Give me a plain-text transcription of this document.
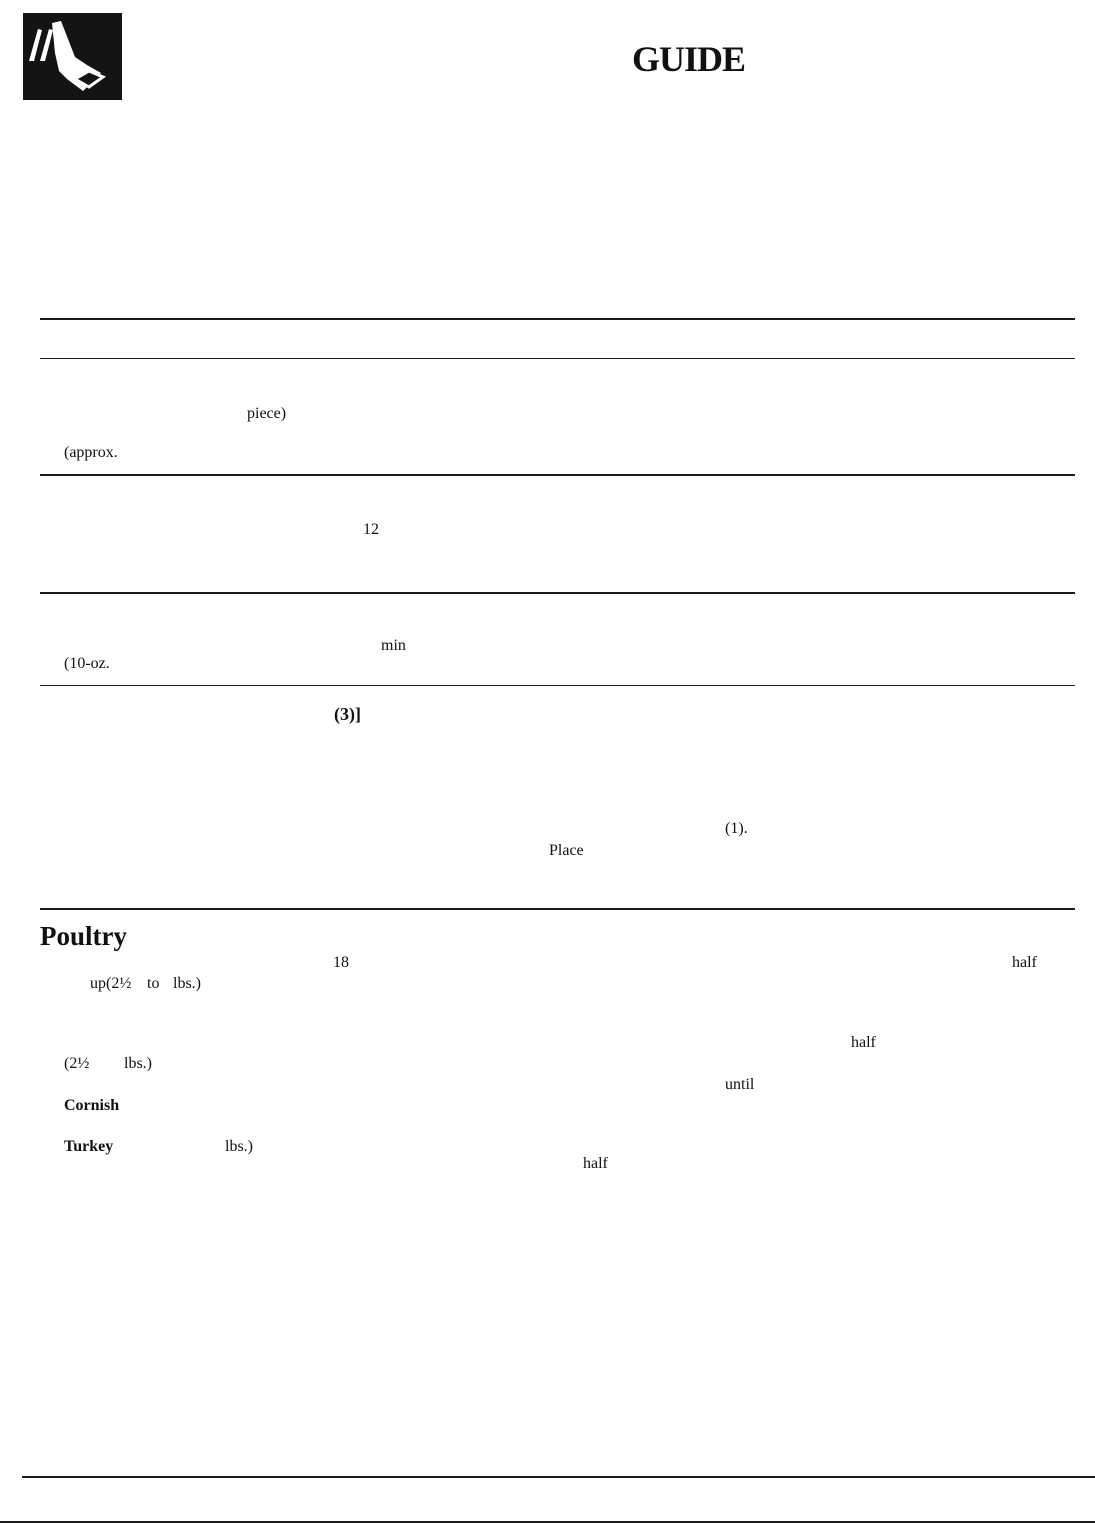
GUIDE
piece)
(approx.
12
min
(10-oz.
(3)]
(1).
Place
Poultry
18	half
up(2½ to lbs.)
half
(2½ lbs.)
until
Cornish
Turkey	lbs.)
half
